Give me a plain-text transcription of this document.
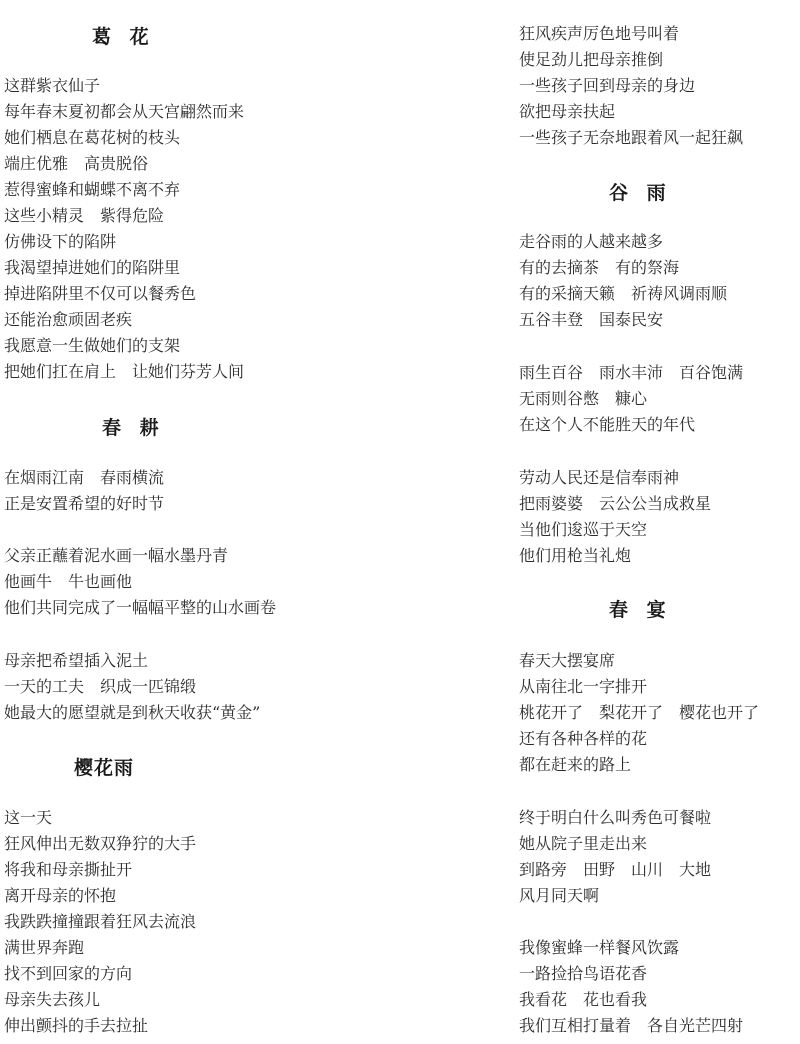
葛 花
这群紫衣仙子
每年春末夏初都会从天宫翩然而来
她们栖息在葛花树的枝头
端庄优雅　高贵脱俗
惹得蜜蜂和蝴蝶不离不弃
这些小精灵　紫得危险
仿佛设下的陷阱
我渴望掉进她们的陷阱里
掉进陷阱里不仅可以餐秀色
还能治愈顽固老疾
我愿意一生做她们的支架
把她们扛在肩上　让她们芬芳人间
春 耕
在烟雨江南　春雨横流
正是安置希望的好时节
父亲正蘸着泥水画一幅水墨丹青
他画牛　牛也画他
他们共同完成了一幅幅平整的山水画卷
母亲把希望插入泥土
一天的工夫　织成一匹锦缎
她最大的愿望就是到秋天收获“黄金”
樱花雨
这一天
狂风伸出无数双狰狞的大手
将我和母亲撕扯开
离开母亲的怀抱
我跌跌撞撞跟着狂风去流浪
满世界奔跑
找不到回家的方向
母亲失去孩儿
伸出颤抖的手去拉扯
狂风疾声厉色地号叫着
使足劲儿把母亲推倒
一些孩子回到母亲的身边
欲把母亲扶起
一些孩子无奈地跟着风一起狂飙
谷 雨
走谷雨的人越来越多
有的去摘茶　有的祭海
有的采摘天籁　祈祷风调雨顺
五谷丰登　国泰民安
雨生百谷　雨水丰沛　百谷饱满
无雨则谷憋　糠心
在这个人不能胜天的年代
劳动人民还是信奉雨神
把雨婆婆　云公公当成救星
当他们逡巡于天空
他们用枪当礼炮
春 宴
春天大摆宴席
从南往北一字排开
桃花开了　梨花开了　樱花也开了
还有各种各样的花
都在赶来的路上
终于明白什么叫秀色可餐啦
她从院子里走出来
到路旁　田野　山川　大地
风月同天啊
我像蜜蜂一样餐风饮露
一路捡拾鸟语花香
我看花　花也看我
我们互相打量着　各自光芒四射
